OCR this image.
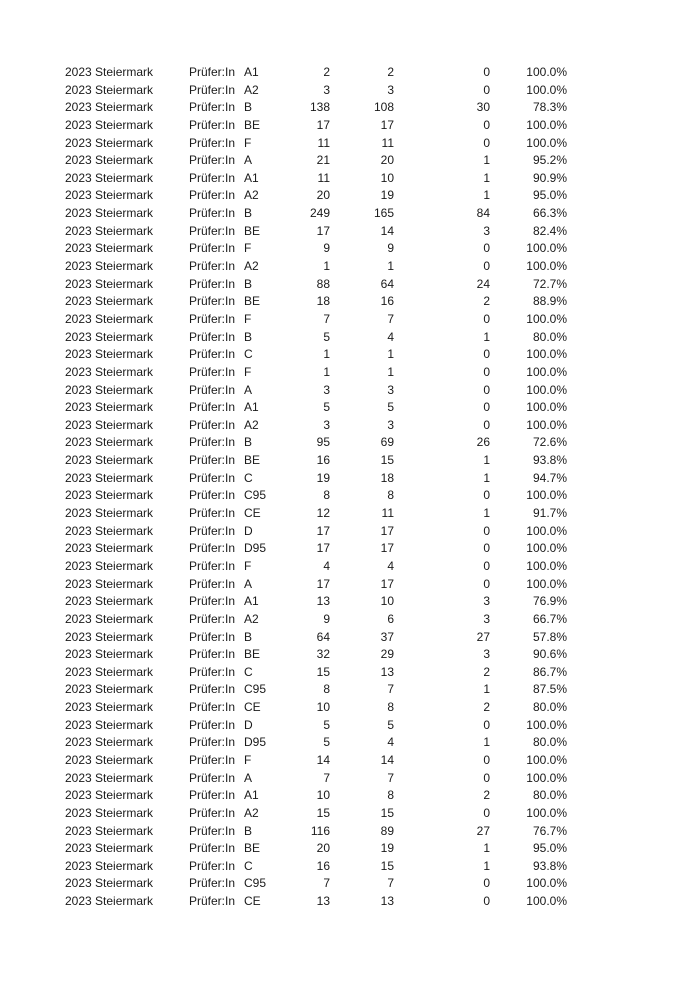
2023 Steiermark	Prüfer:In A1	2	2	0	100.0%
2023 Steiermark	Prüfer:In A2	3	3	0	100.0%
2023 Steiermark	Prüfer:In B	138	108	30	78.3%
2023 Steiermark	Prüfer:In BE	17	17	0	100.0%
2023 Steiermark	Prüfer:In F	11	11	0	100.0%
2023 Steiermark	Prüfer:In A	21	20	1	95.2%
2023 Steiermark	Prüfer:In A1	11	10	1	90.9%
2023 Steiermark	Prüfer:In A2	20	19	1	95.0%
2023 Steiermark	Prüfer:In B	249	165	84	66.3%
2023 Steiermark	Prüfer:In BE	17	14	3	82.4%
2023 Steiermark	Prüfer:In F	9	9	0	100.0%
2023 Steiermark	Prüfer:In A2	1	1	0	100.0%
2023 Steiermark	Prüfer:In B	88	64	24	72.7%
2023 Steiermark	Prüfer:In BE	18	16	2	88.9%
2023 Steiermark	Prüfer:In F	7	7	0	100.0%
2023 Steiermark	Prüfer:In B	5	4	1	80.0%
2023 Steiermark	Prüfer:In C	1	1	0	100.0%
2023 Steiermark	Prüfer:In F	1	1	0	100.0%
2023 Steiermark	Prüfer:In A	3	3	0	100.0%
2023 Steiermark	Prüfer:In A1	5	5	0	100.0%
2023 Steiermark	Prüfer:In A2	3	3	0	100.0%
2023 Steiermark	Prüfer:In B	95	69	26	72.6%
2023 Steiermark	Prüfer:In BE	16	15	1	93.8%
2023 Steiermark	Prüfer:In C	19	18	1	94.7%
2023 Steiermark	Prüfer:In C95	8	8	0	100.0%
2023 Steiermark	Prüfer:In CE	12	11	1	91.7%
2023 Steiermark	Prüfer:In D	17	17	0	100.0%
2023 Steiermark	Prüfer:In D95	17	17	0	100.0%
2023 Steiermark	Prüfer:In F	4	4	0	100.0%
2023 Steiermark	Prüfer:In A	17	17	0	100.0%
2023 Steiermark	Prüfer:In A1	13	10	3	76.9%
2023 Steiermark	Prüfer:In A2	9	6	3	66.7%
2023 Steiermark	Prüfer:In B	64	37	27	57.8%
2023 Steiermark	Prüfer:In BE	32	29	3	90.6%
2023 Steiermark	Prüfer:In C	15	13	2	86.7%
2023 Steiermark	Prüfer:In C95	8	7	1	87.5%
2023 Steiermark	Prüfer:In CE	10	8	2	80.0%
2023 Steiermark	Prüfer:In D	5	5	0	100.0%
2023 Steiermark	Prüfer:In D95	5	4	1	80.0%
2023 Steiermark	Prüfer:In F	14	14	0	100.0%
2023 Steiermark	Prüfer:In A	7	7	0	100.0%
2023 Steiermark	Prüfer:In A1	10	8	2	80.0%
2023 Steiermark	Prüfer:In A2	15	15	0	100.0%
2023 Steiermark	Prüfer:In B	116	89	27	76.7%
2023 Steiermark	Prüfer:In BE	20	19	1	95.0%
2023 Steiermark	Prüfer:In C	16	15	1	93.8%
2023 Steiermark	Prüfer:In C95	7	7	0	100.0%
2023 Steiermark	Prüfer:In CE	13	13	0	100.0%
